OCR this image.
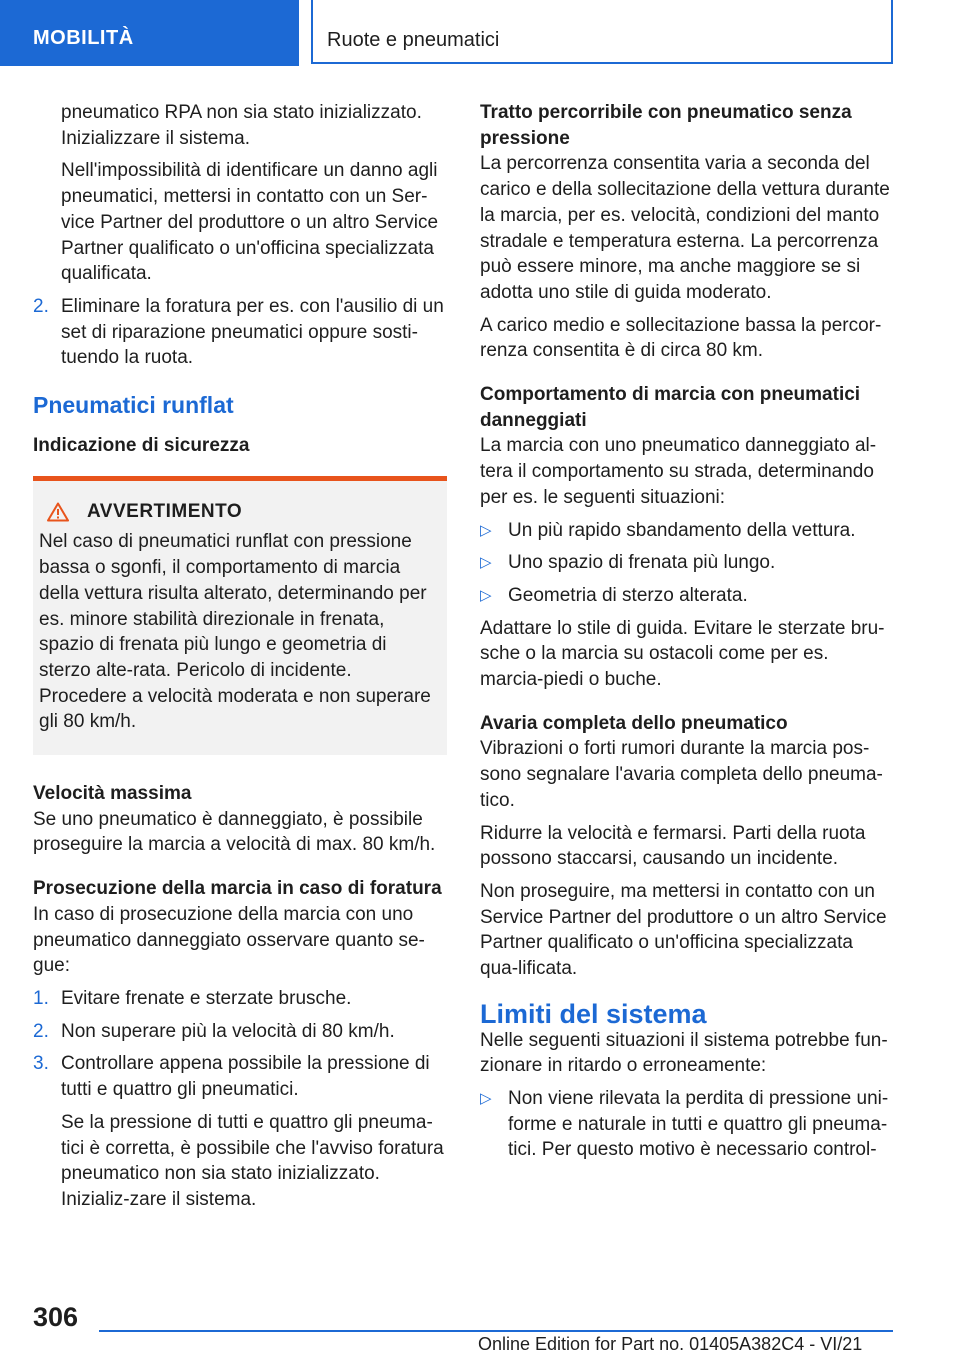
MOBILITÀ	Ruote e pneumatici

pneumatico RPA non sia stato inizializzato. Inizializzare il sistema.

Nell'impossibilità di identificare un danno agli pneumatici, mettersi in contatto con un Ser-vice Partner del produttore o un altro Service Partner qualificato o un'officina specializzata qualificata.

2. Eliminare la foratura per es. con l'ausilio di un set di riparazione pneumatici oppure sosti-tuendo la ruota.

Pneumatici runflat

Indicazione di sicurezza

AVVERTIMENTO

Nel caso di pneumatici runflat con pressione bassa o sgonfi, il comportamento di marcia della vettura risulta alterato, determinando per es. minore stabilità direzionale in frenata, spazio di frenata più lungo e geometria di sterzo alte-rata. Pericolo di incidente. Procedere a velocità moderata e non superare gli 80 km/h.

Velocità massima

Se uno pneumatico è danneggiato, è possibile proseguire la marcia a velocità di max. 80 km/h.

Prosecuzione della marcia in caso di foratura

In caso di prosecuzione della marcia con uno pneumatico danneggiato osservare quanto se-gue:

1. Evitare frenate e sterzate brusche.
2. Non superare più la velocità di 80 km/h.
3. Controllare appena possibile la pressione di tutti e quattro gli pneumatici.

Se la pressione di tutti e quattro gli pneuma-tici è corretta, è possibile che l'avviso foratura pneumatico non sia stato inizializzato. Inizializ-zare il sistema.

Tratto percorribile con pneumatico senza pressione

La percorrenza consentita varia a seconda del carico e della sollecitazione della vettura durante la marcia, per es. velocità, condizioni del manto stradale e temperatura esterna. La percorrenza può essere minore, ma anche maggiore se si adotta uno stile di guida moderato.

A carico medio e sollecitazione bassa la percor-renza consentita è di circa 80 km.

Comportamento di marcia con pneumatici danneggiati

La marcia con uno pneumatico danneggiato al-tera il comportamento su strada, determinando per es. le seguenti situazioni:

▷ Un più rapido sbandamento della vettura.
▷ Uno spazio di frenata più lungo.
▷ Geometria di sterzo alterata.

Adattare lo stile di guida. Evitare le sterzate bru-sche o la marcia su ostacoli come per es. marcia-piedi o buche.

Avaria completa dello pneumatico

Vibrazioni o forti rumori durante la marcia pos-sono segnalare l'avaria completa dello pneuma-tico.

Ridurre la velocità e fermarsi. Parti della ruota possono staccarsi, causando un incidente.

Non proseguire, ma mettersi in contatto con un Service Partner del produttore o un altro Service Partner qualificato o un'officina specializzata qua-lificata.

Limiti del sistema

Nelle seguenti situazioni il sistema potrebbe fun-zionare in ritardo o erroneamente:

▷ Non viene rilevata la perdita di pressione uni-forme e naturale in tutti e quattro gli pneuma-tici. Per questo motivo è necessario control-
306
Online Edition for Part no. 01405A382C4 - VI/21
